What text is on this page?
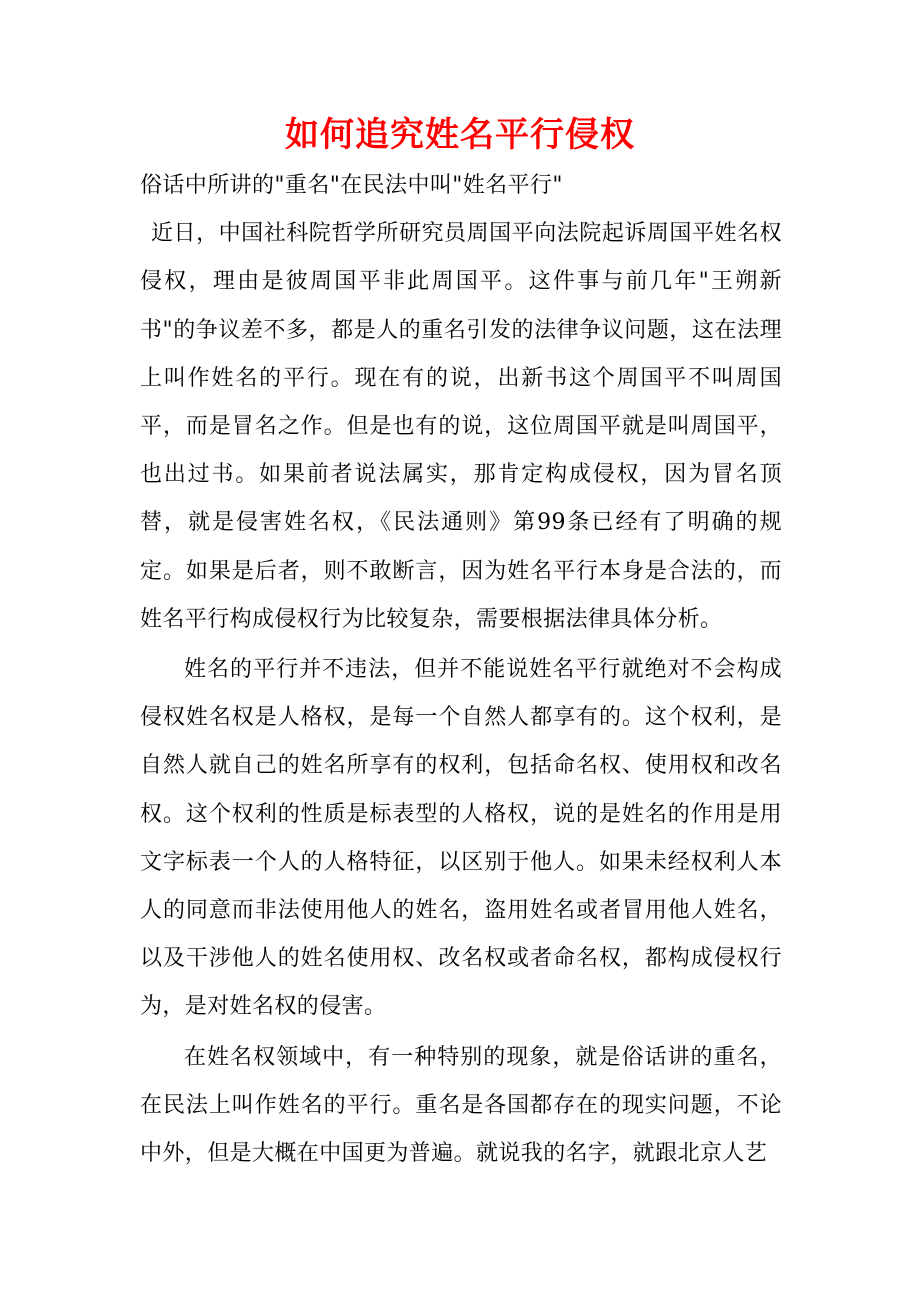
如何追究姓名平行侵权

俗话中所讲的"重名"在民法中叫"姓名平行"

近日，中国社科院哲学所研究员周国平向法院起诉周国平姓名权侵权，理由是彼周国平非此周国平。这件事与前几年"王朔新书"的争议差不多，都是人的重名引发的法律争议问题，这在法理上叫作姓名的平行。现在有的说，出新书这个周国平不叫周国平，而是冒名之作。但是也有的说，这位周国平就是叫周国平，也出过书。如果前者说法属实，那肯定构成侵权，因为冒名顶替，就是侵害姓名权，《民法通则》第99条已经有了明确的规定。如果是后者，则不敢断言，因为姓名平行本身是合法的，而姓名平行构成侵权行为比较复杂，需要根据法律具体分析。

姓名的平行并不违法，但并不能说姓名平行就绝对不会构成侵权姓名权是人格权，是每一个自然人都享有的。这个权利，是自然人就自己的姓名所享有的权利，包括命名权、使用权和改名权。这个权利的性质是标表型的人格权，说的是姓名的作用是用文字标表一个人的人格特征，以区别于他人。如果未经权利人本人的同意而非法使用他人的姓名，盗用姓名或者冒用他人姓名，以及干涉他人的姓名使用权、改名权或者命名权，都构成侵权行为，是对姓名权的侵害。

在姓名权领域中，有一种特别的现象，就是俗话讲的重名，在民法上叫作姓名的平行。重名是各国都存在的现实问题，不论中外，但是大概在中国更为普遍。就说我的名字，就跟北京人艺
